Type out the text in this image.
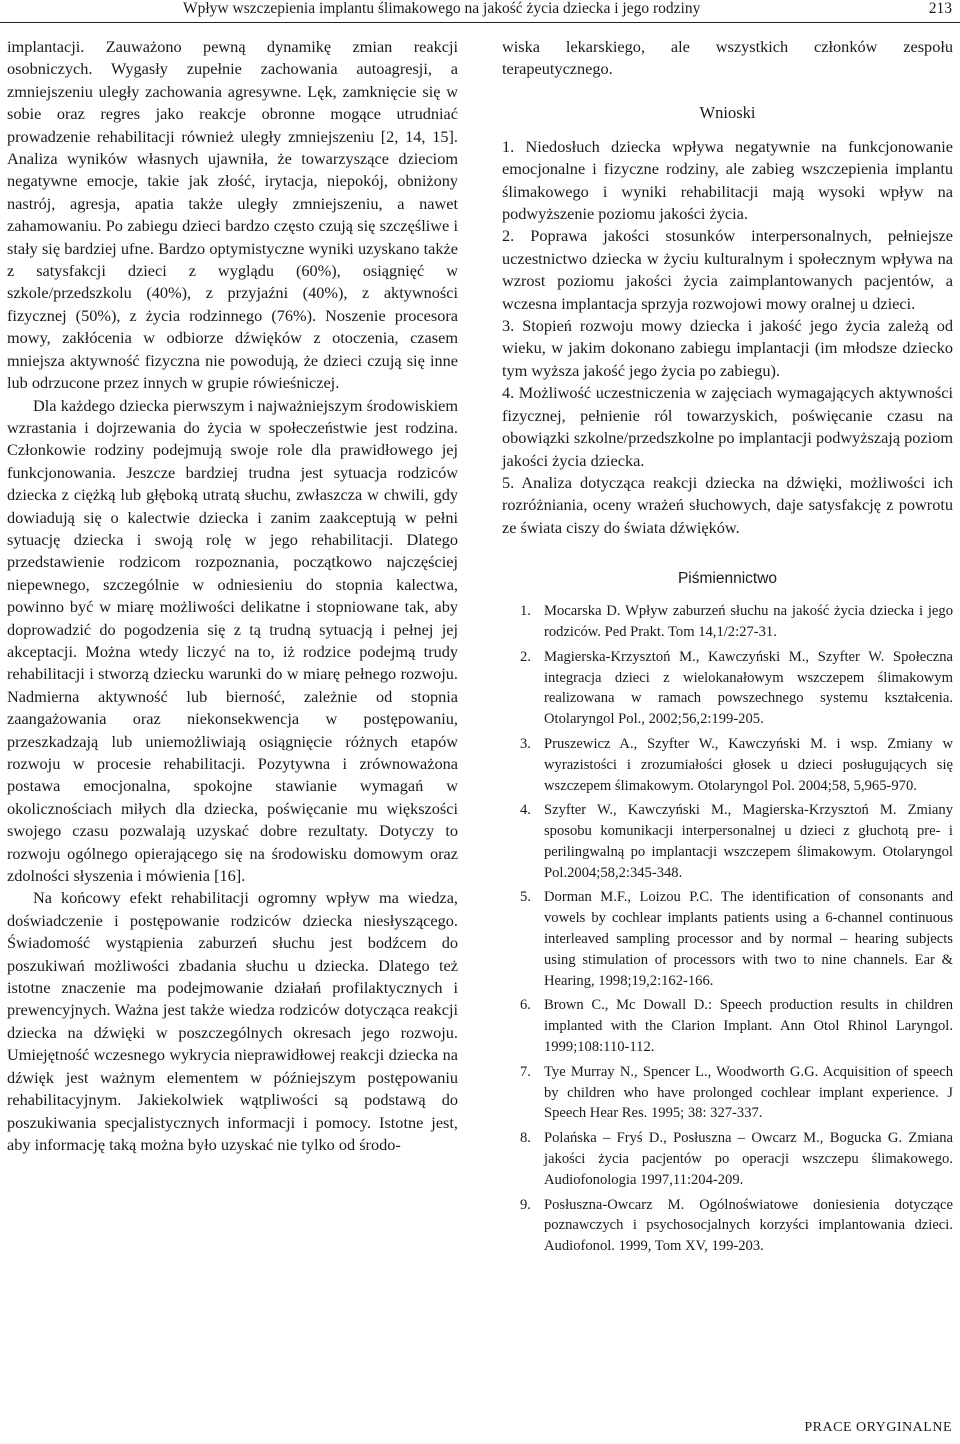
Wpływ wszczepienia implantu ślimakowego na jakość życia dziecka i jego rodziny	213

implantacji. Zauważono pewną dynamikę zmian reakcji osobniczych. Wygasły zupełnie zachowania autoagresji, a zmniejszeniu uległy zachowania agresywne. Lęk, zamknięcie się w sobie oraz regres jako reakcje obronne mogące utrudniać prowadzenie rehabilitacji również uległy zmniejszeniu [2, 14, 15]. Analiza wyników własnych ujawniła, że towarzyszące dzieciom negatywne emocje, takie jak złość, irytacja, niepokój, obniżony nastrój, agresja, apatia także uległy zmniejszeniu, a nawet zahamowaniu. Po zabiegu dzieci bardzo często czują się szczęśliwe i stały się bardziej ufne. Bardzo optymistyczne wyniki uzyskano także z satysfakcji dzieci z wyglądu (60%), osiągnięć w szkole/przedszkolu (40%), z przyjaźni (40%), z aktywności fizycznej (50%), z życia rodzinnego (76%). Noszenie procesora mowy, zakłócenia w odbiorze dźwięków z otoczenia, czasem mniejsza aktywność fizyczna nie powodują, że dzieci czują się inne lub odrzucone przez innych w grupie rówieśniczej.

Dla każdego dziecka pierwszym i najważniejszym środowiskiem wzrastania i dojrzewania do życia w społeczeństwie jest rodzina. Członkowie rodziny podejmują swoje role dla prawidłowego jej funkcjonowania. Jeszcze bardziej trudna jest sytuacja rodziców dziecka z ciężką lub głęboką utratą słuchu, zwłaszcza w chwili, gdy dowiadują się o kalectwie dziecka i zanim zaakceptują w pełni sytuację dziecka i swoją rolę w jego rehabilitacji. Dlatego przedstawienie rodzicom rozpoznania, początkowo najczęściej niepewnego, szczególnie w odniesieniu do stopnia kalectwa, powinno być w miarę możliwości delikatne i stopniowane tak, aby doprowadzić do pogodzenia się z tą trudną sytuacją i pełnej jej akceptacji. Można wtedy liczyć na to, iż rodzice podejmą trudy rehabilitacji i stworzą dziecku warunki do w miarę pełnego rozwoju. Nadmierna aktywność lub bierność, zależnie od stopnia zaangażowania oraz niekonsekwencja w postępowaniu, przeszkadzają lub uniemożliwiają osiągnięcie różnych etapów rozwoju w procesie rehabilitacji. Pozytywna i zrównoważona postawa emocjonalna, spokojne stawianie wymagań w okolicznościach miłych dla dziecka, poświęcanie mu większości swojego czasu pozwalają uzyskać dobre rezultaty. Dotyczy to rozwoju ogólnego opierającego się na środowisku domowym oraz zdolności słyszenia i mówienia [16].

Na końcowy efekt rehabilitacji ogromny wpływ ma wiedza, doświadczenie i postępowanie rodziców dziecka niesłyszącego. Świadomość wystąpienia zaburzeń słuchu jest bodźcem do poszukiwań możliwości zbadania słuchu u dziecka. Dlatego też istotne znaczenie ma podejmowanie działań profilaktycznych i prewencyjnych. Ważna jest także wiedza rodziców dotycząca reakcji dziecka na dźwięki w poszczególnych okresach jego rozwoju. Umiejętność wczesnego wykrycia nieprawidłowej reakcji dziecka na dźwięk jest ważnym elementem w późniejszym postępowaniu rehabilitacyjnym. Jakiekolwiek wątpliwości są podstawą do poszukiwania specjalistycznych informacji i pomocy. Istotne jest, aby informację taką można było uzyskać nie tylko od środo-

wiska lekarskiego, ale wszystkich członków zespołu terapeutycznego.

Wnioski

1. Niedosłuch dziecka wpływa negatywnie na funkcjonowanie emocjonalne i fizyczne rodziny, ale zabieg wszczepienia implantu ślimakowego i wyniki rehabilitacji mają wysoki wpływ na podwyższenie poziomu jakości życia.

2. Poprawa jakości stosunków interpersonalnych, pełniejsze uczestnictwo dziecka w życiu kulturalnym i społecznym wpływa na wzrost poziomu jakości życia zaimplantowanych pacjentów, a wczesna implantacja sprzyja rozwojowi mowy oralnej u dzieci.

3. Stopień rozwoju mowy dziecka i jakość jego życia zależą od wieku, w jakim dokonano zabiegu implantacji (im młodsze dziecko tym wyższa jakość jego życia po zabiegu).

4. Możliwość uczestniczenia w zajęciach wymagających aktywności fizycznej, pełnienie ról towarzyskich, poświęcanie czasu na obowiązki szkolne/przedszkolne po implantacji podwyższają poziom jakości życia dziecka.

5. Analiza dotycząca reakcji dziecka na dźwięki, możliwości ich rozróżniania, oceny wrażeń słuchowych, daje satysfakcję z powrotu ze świata ciszy do świata dźwięków.

Piśmiennictwo
1. Mocarska D. Wpływ zaburzeń słuchu na jakość życia dziecka i jego rodziców. Ped Prakt. Tom 14,1/2:27-31.
2. Magierska-Krzysztoń M., Kawczyński M., Szyfter W. Społeczna integracja dzieci z wielokanałowym wszczepem ślimakowym realizowana w ramach powszechnego systemu kształcenia. Otolaryngol Pol., 2002;56,2:199-205.
3. Pruszewicz A., Szyfter W., Kawczyński M. i wsp. Zmiany w wyrazistości i zrozumiałości głosek u dzieci posługujących się wszczepem ślimakowym. Otolaryngol Pol. 2004;58, 5,965-970.
4. Szyfter W., Kawczyński M., Magierska-Krzysztoń M. Zmiany sposobu komunikacji interpersonalnej u dzieci z głuchotą pre- i perilingwalną po implantacji wszczepem ślimakowym. Otolaryngol Pol.2004;58,2:345-348.
5. Dorman M.F., Loizou P.C. The identification of consonants and vowels by cochlear implants patients using a 6-channel continuous interleaved sampling processor and by normal – hearing subjects using stimulation of processors with two to nine channels. Ear & Hearing, 1998;19,2:162-166.
6. Brown C., Mc Dowall D.: Speech production results in children implanted with the Clarion Implant. Ann Otol Rhinol Laryngol. 1999;108:110-112.
7. Tye Murray N., Spencer L., Woodworth G.G. Acquisition of speech by children who have prolonged cochlear implant experience. J Speech Hear Res. 1995; 38: 327-337.
8. Polańska – Fryś D., Posłuszna – Owcarz M., Bogucka G. Zmiana jakości życia pacjentów po operacji wszczepu ślimakowego. Audiofonologia 1997,11:204-209.
9. Posłuszna-Owcarz M. Ogólnoświatowe doniesienia dotyczące poznawczych i psychosocjalnych korzyści implantowania dzieci. Audiofonol. 1999, Tom XV, 199-203.
PRACE ORYGINALNE
